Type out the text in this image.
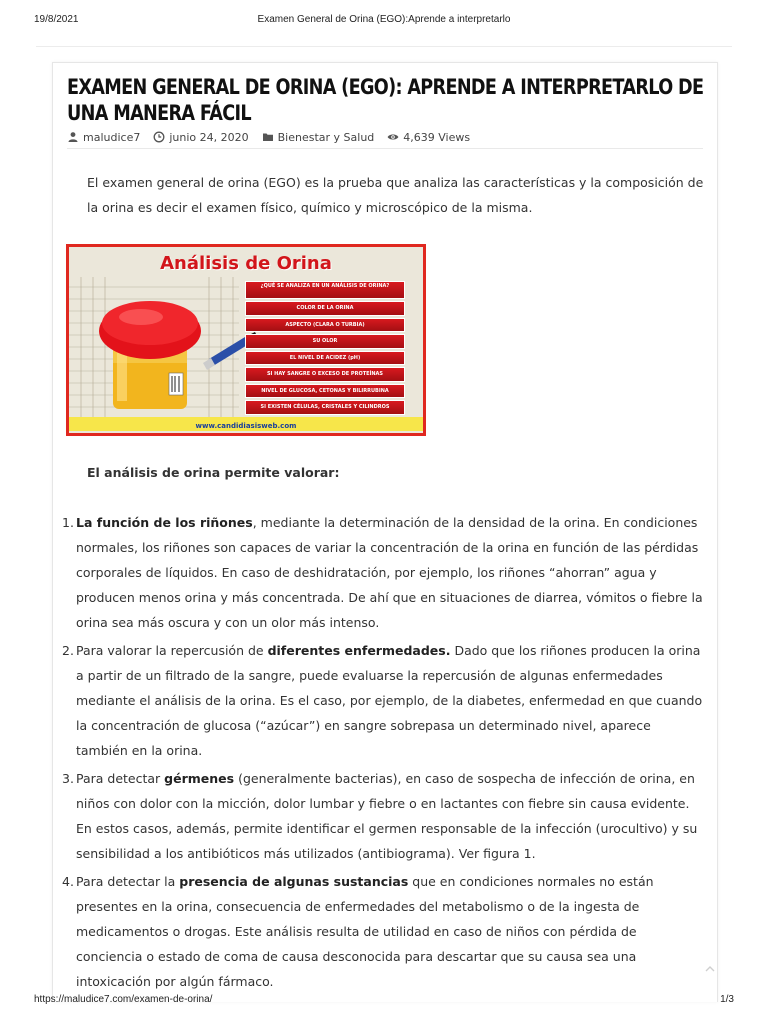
19/8/2021	Examen General de Orina (EGO):Aprende a interpretarlo
EXAMEN GENERAL DE ORINA (EGO): APRENDE A INTERPRETARLO DE UNA MANERA FÁCIL
maludice7	junio 24, 2020	Bienestar y Salud	4,639 Views

El examen general de orina (EGO) es la prueba que analiza las características y la composición de la orina es decir el examen físico, químico y microscópico de la misma.

Análisis de Orina
¿QUÉ SE ANALIZA EN UN ANÁLISIS DE ORINA?
COLOR DE LA ORINA
ASPECTO (CLARA O TURBIA)
SU OLOR
EL NIVEL DE ACIDEZ (pH)
SI HAY SANGRE O EXCESO DE PROTEÍNAS
NIVEL DE GLUCOSA, CETONAS Y BILIRRUBINA
SI EXISTEN CÉLULAS, CRISTALES Y CILINDROS
www.candidiasisweb.com

El análisis de orina permite valorar:

1. La función de los riñones, mediante la determinación de la densidad de la orina. En condiciones normales, los riñones son capaces de variar la concentración de la orina en función de las pérdidas corporales de líquidos. En caso de deshidratación, por ejemplo, los riñones “ahorran” agua y producen menos orina y más concentrada. De ahí que en situaciones de diarrea, vómitos o fiebre la orina sea más oscura y con un olor más intenso.
2. Para valorar la repercusión de diferentes enfermedades. Dado que los riñones producen la orina a partir de un filtrado de la sangre, puede evaluarse la repercusión de algunas enfermedades mediante el análisis de la orina. Es el caso, por ejemplo, de la diabetes, enfermedad en que cuando la concentración de glucosa (“azúcar”) en sangre sobrepasa un determinado nivel, aparece también en la orina.
3. Para detectar gérmenes (generalmente bacterias), en caso de sospecha de infección de orina, en niños con dolor con la micción, dolor lumbar y fiebre o en lactantes con fiebre sin causa evidente. En estos casos, además, permite identificar el germen responsable de la infección (urocultivo) y su sensibilidad a los antibióticos más utilizados (antibiograma). Ver figura 1.
4. Para detectar la presencia de algunas sustancias que en condiciones normales no están presentes en la orina, consecuencia de enfermedades del metabolismo o de la ingesta de medicamentos o drogas. Este análisis resulta de utilidad en caso de niños con pérdida de conciencia o estado de coma de causa desconocida para descartar que su causa sea una intoxicación por algún fármaco.
https://maludice7.com/examen-de-orina/	1/3
